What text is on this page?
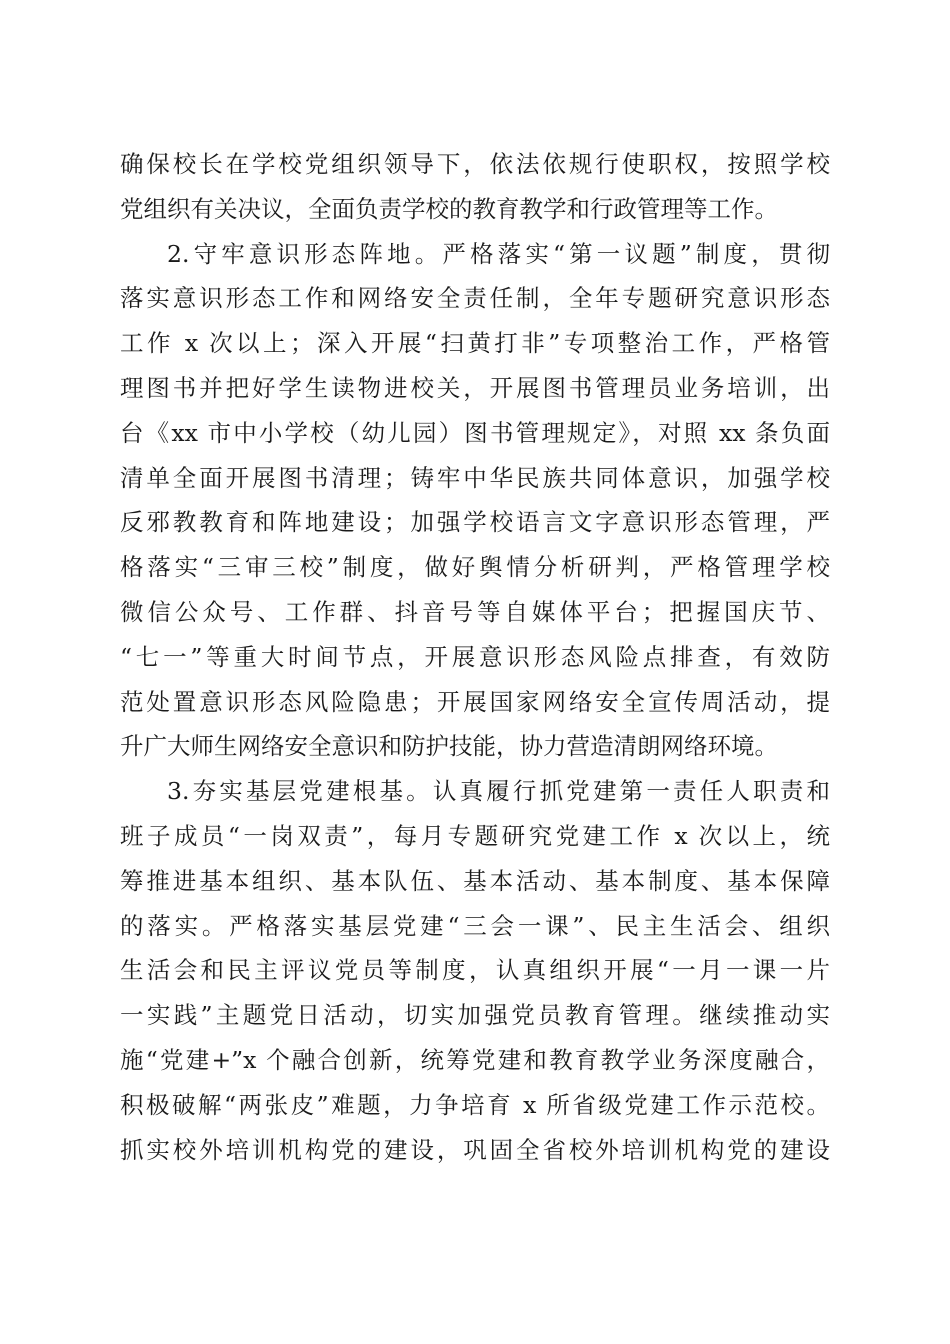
确保校长在学校党组织领导下，依法依规行使职权，按照学校
党组织有关决议，全面负责学校的教育教学和行政管理等工作。
2.守牢意识形态阵地。严格落实“第一议题”制度，贯彻
落实意识形态工作和网络安全责任制，全年专题研究意识形态
工作 x 次以上；深入开展“扫黄打非”专项整治工作，严格管
理图书并把好学生读物进校关，开展图书管理员业务培训，出
台《xx 市中小学校（幼儿园）图书管理规定》，对照 xx 条负面
清单全面开展图书清理；铸牢中华民族共同体意识，加强学校
反邪教教育和阵地建设；加强学校语言文字意识形态管理，严
格落实“三审三校”制度，做好舆情分析研判，严格管理学校
微信公众号、工作群、抖音号等自媒体平台；把握国庆节、
“七一”等重大时间节点，开展意识形态风险点排查，有效防
范处置意识形态风险隐患；开展国家网络安全宣传周活动，提
升广大师生网络安全意识和防护技能，协力营造清朗网络环境。
3.夯实基层党建根基。认真履行抓党建第一责任人职责和
班子成员“一岗双责”，每月专题研究党建工作 x 次以上，统
筹推进基本组织、基本队伍、基本活动、基本制度、基本保障
的落实。严格落实基层党建“三会一课”、民主生活会、组织
生活会和民主评议党员等制度，认真组织开展“一月一课一片
一实践”主题党日活动，切实加强党员教育管理。继续推动实
施“党建+”x 个融合创新，统筹党建和教育教学业务深度融合，
积极破解“两张皮”难题，力争培育 x 所省级党建工作示范校。
抓实校外培训机构党的建设，巩固全省校外培训机构党的建设
